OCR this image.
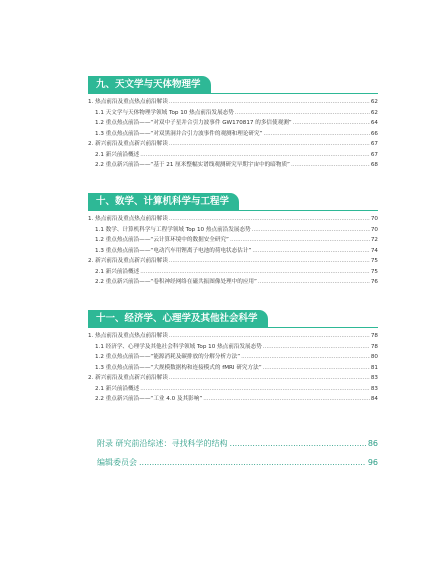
九、天文学与天体物理学
1. 热点前沿及重点热点前沿解读 .....	62
1.1 天文学与天体物理学领域 Top 10 热点前沿发展态势 .....	62
1.2 重点热点前沿——“对双中子星并合引力波事件 GW170817 的多信使观测” .....	64
1.3 重点热点前沿——“对双黑洞并合引力波事件的观测和理论研究” .....	66
2. 新兴前沿及重点新兴前沿解读 .....	67
2.1 新兴前沿概述 .....	67
2.2 重点新兴前沿——“基于 21 厘米整幅实谱线观测研究早期宇宙中的暗物质” .....	68
十、数学、计算机科学与工程学
1. 热点前沿及重点热点前沿解读 .....	70
1.1 数学、计算机科学与工程学领域 Top 10 热点前沿发展态势 .....	70
1.2 重点热点前沿——“云计算环境中的数据安全研究” .....	72
1.3 重点热点前沿——“电动汽车用锂离子电池的荷电状态估计” .....	74
2. 新兴前沿及重点新兴前沿解读 .....	75
2.1 新兴前沿概述 .....	75
2.2 重点新兴前沿——“卷积神经网络在磁共振图像处理中的应用” .....	76
十一、经济学、心理学及其他社会科学
1. 热点前沿及重点热点前沿解读 .....	78
1.1 经济学、心理学及其他社会科学领域 Top 10 热点前沿发展态势 .....	78
1.2 重点热点前沿——“能源消耗及碳排放的分解分析方法” .....	80
1.3 重点热点前沿——“大规模数据构和连接模式的 fMRI 研究方法” .....	81
2. 新兴前沿及重点新兴前沿解读 .....	83
2.1 新兴前沿概述 .....	83
2.2 重点新兴前沿——“工业 4.0 及其影响” .....	84
附录 研究前沿综述：寻找科学的结构 .....	86
编辑委员会 .....	96
